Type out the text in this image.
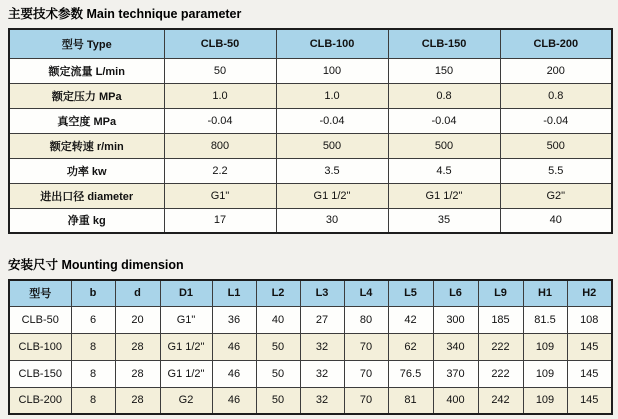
主要技术参数 Main technique parameter
型号 Type	CLB-50	CLB-100	CLB-150	CLB-200
额定流量 L/min	50	100	150	200
额定压力 MPa	1.0	1.0	0.8	0.8
真空度 MPa	-0.04	-0.04	-0.04	-0.04
额定转速 r/min	800	500	500	500
功率 kw	2.2	3.5	4.5	5.5
进出口径 diameter	G1"	G1 1/2"	G1 1/2"	G2"
净重 kg	17	30	35	40
安装尺寸 Mounting dimension
型号	b	d	D1	L1	L2	L3	L4	L5	L6	L9	H1	H2
CLB-50	6	20	G1"	36	40	27	80	42	300	185	81.5	108
CLB-100	8	28	G1 1/2"	46	50	32	70	62	340	222	109	145
CLB-150	8	28	G1 1/2"	46	50	32	70	76.5	370	222	109	145
CLB-200	8	28	G2	46	50	32	70	81	400	242	109	145
